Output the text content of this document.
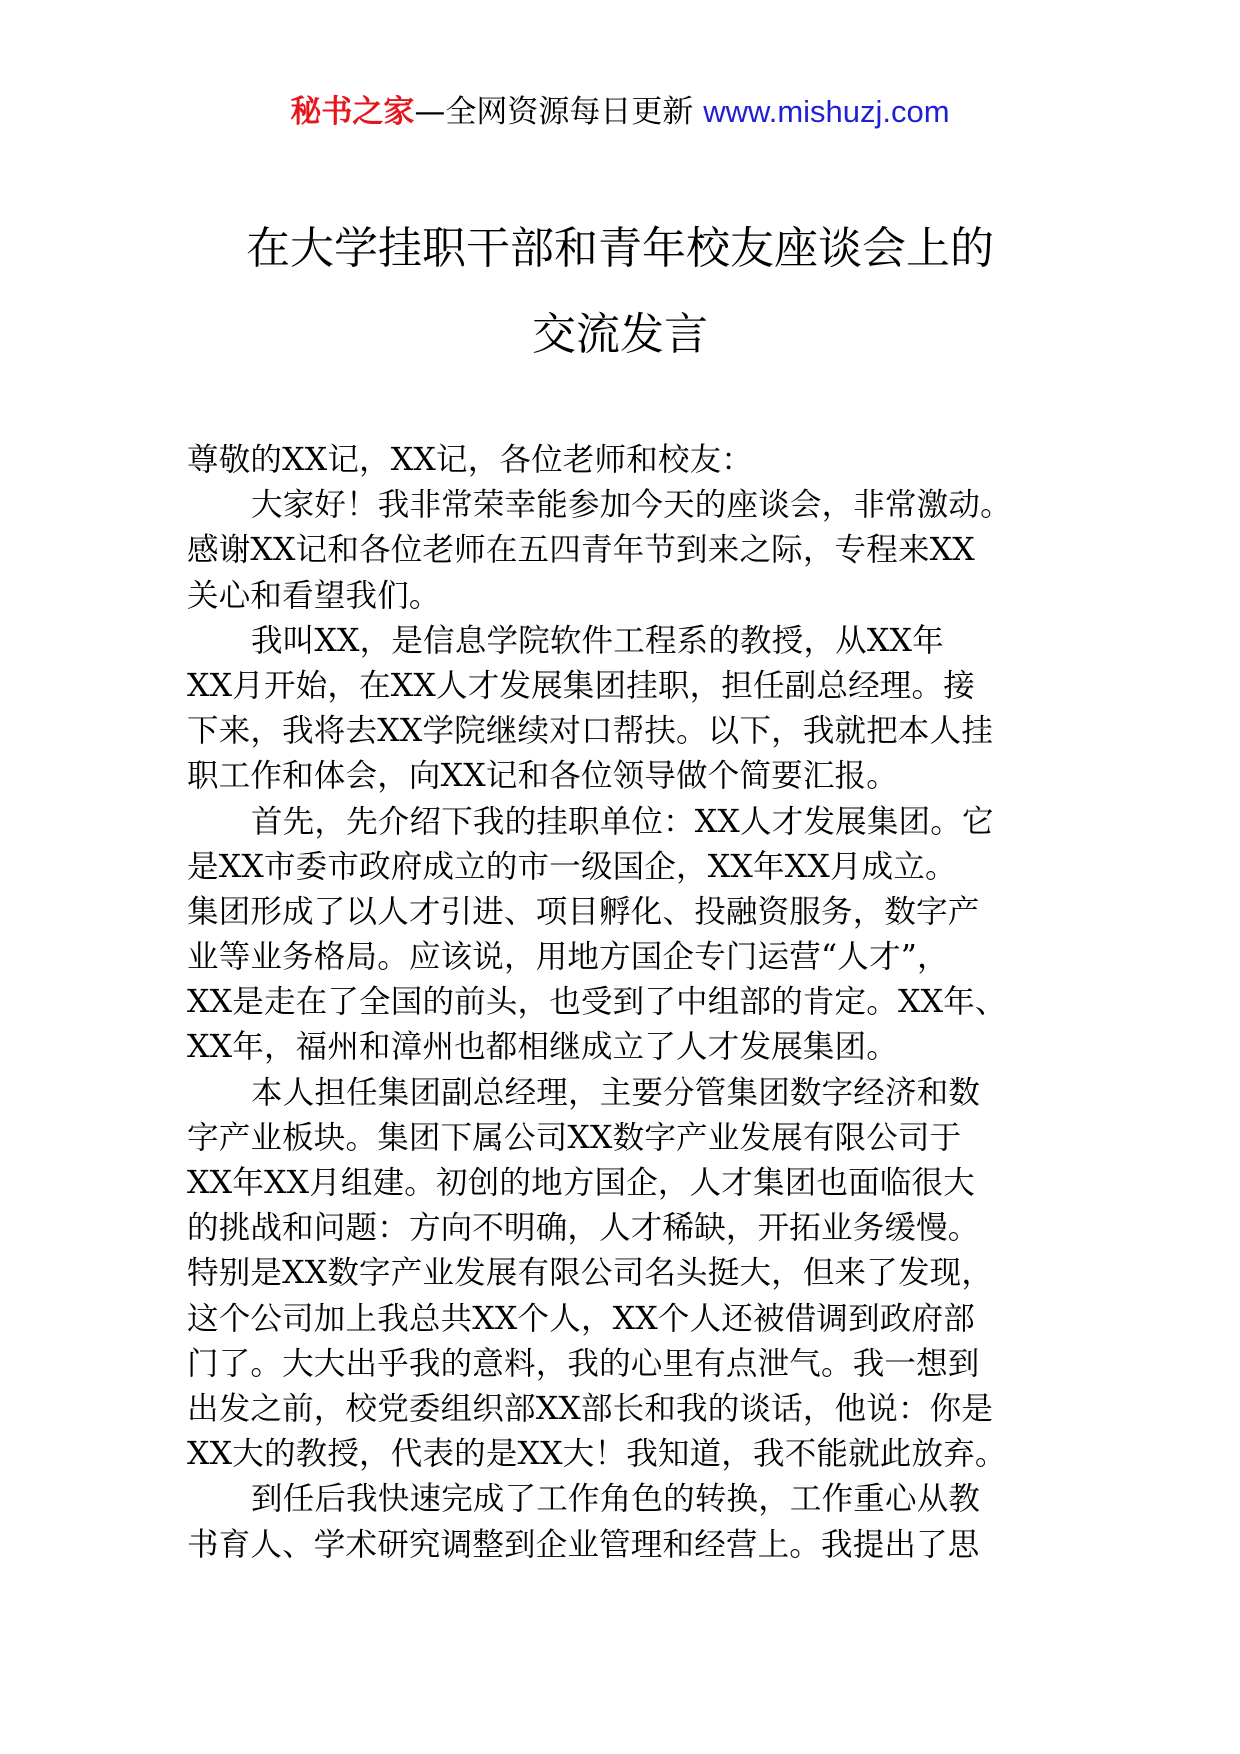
秘书之家—全网资源每日更新 www.mishuzj.com
在大学挂职干部和青年校友座谈会上的
交流发言
尊敬的XX记，XX记，各位老师和校友：
大家好！我非常荣幸能参加今天的座谈会，非常激动。
感谢XX记和各位老师在五四青年节到来之际，专程来XX
关心和看望我们。
我叫XX，是信息学院软件工程系的教授，从XX年
XX月开始，在XX人才发展集团挂职，担任副总经理。接
下来，我将去XX学院继续对口帮扶。以下，我就把本人挂
职工作和体会，向XX记和各位领导做个简要汇报。
首先，先介绍下我的挂职单位：XX人才发展集团。它
是XX市委市政府成立的市一级国企，XX年XX月成立。
集团形成了以人才引进、项目孵化、投融资服务，数字产
业等业务格局。应该说，用地方国企专门运营“人才”，
XX是走在了全国的前头，也受到了中组部的肯定。XX年、
XX年，福州和漳州也都相继成立了人才发展集团。
本人担任集团副总经理，主要分管集团数字经济和数
字产业板块。集团下属公司XX数字产业发展有限公司于
XX年XX月组建。初创的地方国企，人才集团也面临很大
的挑战和问题：方向不明确，人才稀缺，开拓业务缓慢。
特别是XX数字产业发展有限公司名头挺大，但来了发现，
这个公司加上我总共XX个人，XX个人还被借调到政府部
门了。大大出乎我的意料，我的心里有点泄气。我一想到
出发之前，校党委组织部XX部长和我的谈话，他说：你是
XX大的教授，代表的是XX大！我知道，我不能就此放弃。
到任后我快速完成了工作角色的转换，工作重心从教
书育人、学术研究调整到企业管理和经营上。我提出了思
